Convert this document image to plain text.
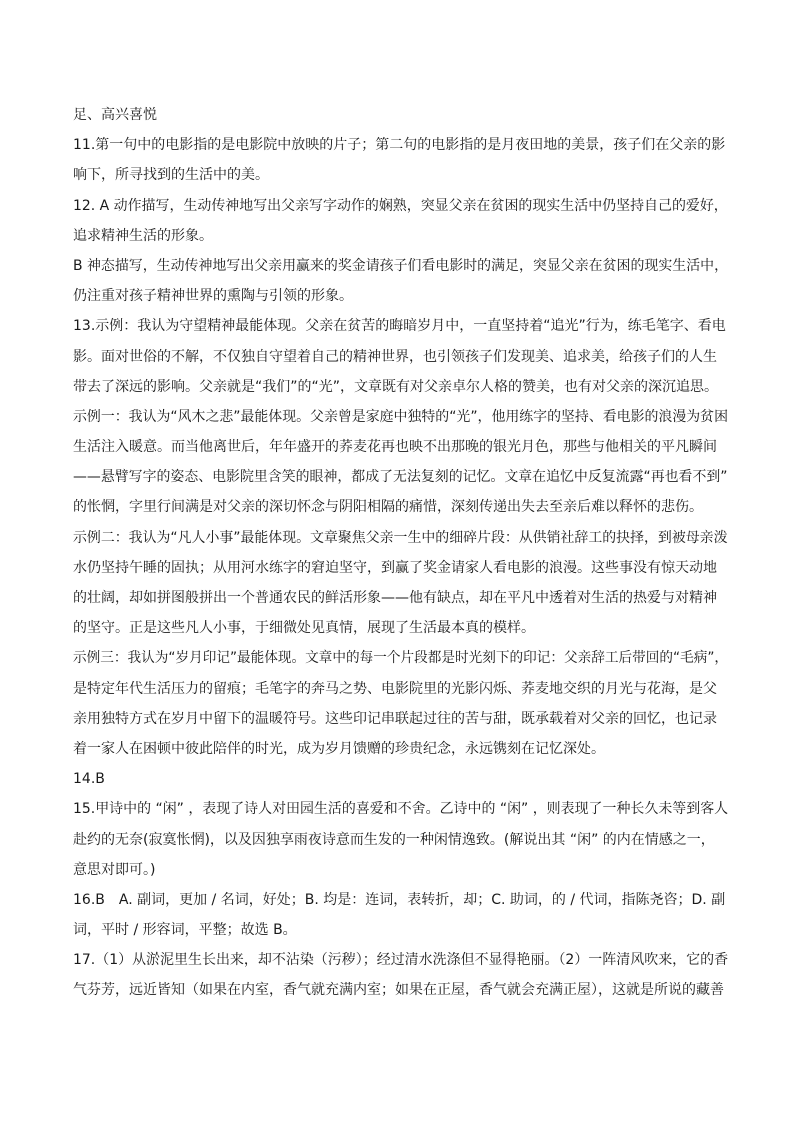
足、高兴喜悦
11.第一句中的电影指的是电影院中放映的片子；第二句的电影指的是月夜田地的美景，孩子们在父亲的影
响下，所寻找到的生活中的美。
12. A 动作描写，生动传神地写出父亲写字动作的娴熟，突显父亲在贫困的现实生活中仍坚持自己的爱好，
追求精神生活的形象。
B 神态描写，生动传神地写出父亲用赢来的奖金请孩子们看电影时的满足，突显父亲在贫困的现实生活中，
仍注重对孩子精神世界的熏陶与引领的形象。
13.示例：我认为守望精神最能体现。父亲在贫苦的晦暗岁月中，一直坚持着“追光”行为，练毛笔字、看电
影。面对世俗的不解，不仅独自守望着自己的精神世界，也引领孩子们发现美、追求美，给孩子们的人生
带去了深远的影响。父亲就是“我们”的“光”，文章既有对父亲卓尔人格的赞美，也有对父亲的深沉追思。
示例一：我认为“风木之悲”最能体现。父亲曾是家庭中独特的“光”，他用练字的坚持、看电影的浪漫为贫困
生活注入暖意。而当他离世后，年年盛开的荞麦花再也映不出那晚的银光月色，那些与他相关的平凡瞬间
——悬臂写字的姿态、电影院里含笑的眼神，都成了无法复刻的记忆。文章在追忆中反复流露“再也看不到”
的怅惘，字里行间满是对父亲的深切怀念与阴阳相隔的痛惜，深刻传递出失去至亲后难以释怀的悲伤。
示例二：我认为“凡人小事”最能体现。文章聚焦父亲一生中的细碎片段：从供销社辞工的抉择，到被母亲泼
水仍坚持午睡的固执；从用河水练字的窘迫坚守，到赢了奖金请家人看电影的浪漫。这些事没有惊天动地
的壮阔，却如拼图般拼出一个普通农民的鲜活形象——他有缺点，却在平凡中透着对生活的热爱与对精神
的坚守。正是这些凡人小事，于细微处见真情，展现了生活最本真的模样。
示例三：我认为“岁月印记”最能体现。文章中的每一个片段都是时光刻下的印记：父亲辞工后带回的“毛病”，
是特定年代生活压力的留痕；毛笔字的奔马之势、电影院里的光影闪烁、荞麦地交织的月光与花海，是父
亲用独特方式在岁月中留下的温暖符号。这些印记串联起过往的苦与甜，既承载着对父亲的回忆，也记录
着一家人在困顿中彼此陪伴的时光，成为岁月馈赠的珍贵纪念，永远镌刻在记忆深处。
14.B
15.甲诗中的 “闲” ，表现了诗人对田园生活的喜爱和不舍。乙诗中的 “闲” ，则表现了一种长久未等到客人
赴约的无奈(寂寞怅惘)，以及因独享雨夜诗意而生发的一种闲情逸致。(解说出其 “闲” 的内在情感之一，
意思对即可。)
16.B　A. 副词，更加 / 名词，好处；B. 均是：连词，表转折，却；C. 助词，的 / 代词，指陈尧咨；D. 副
词，平时 / 形容词，平整；故选 B。
17.（1）从淤泥里生长出来，却不沾染（污秽）；经过清水洗涤但不显得艳丽。（2）一阵清风吹来，它的香
气芬芳，远近皆知（如果在内室，香气就充满内室；如果在正屋，香气就会充满正屋），这就是所说的藏善
